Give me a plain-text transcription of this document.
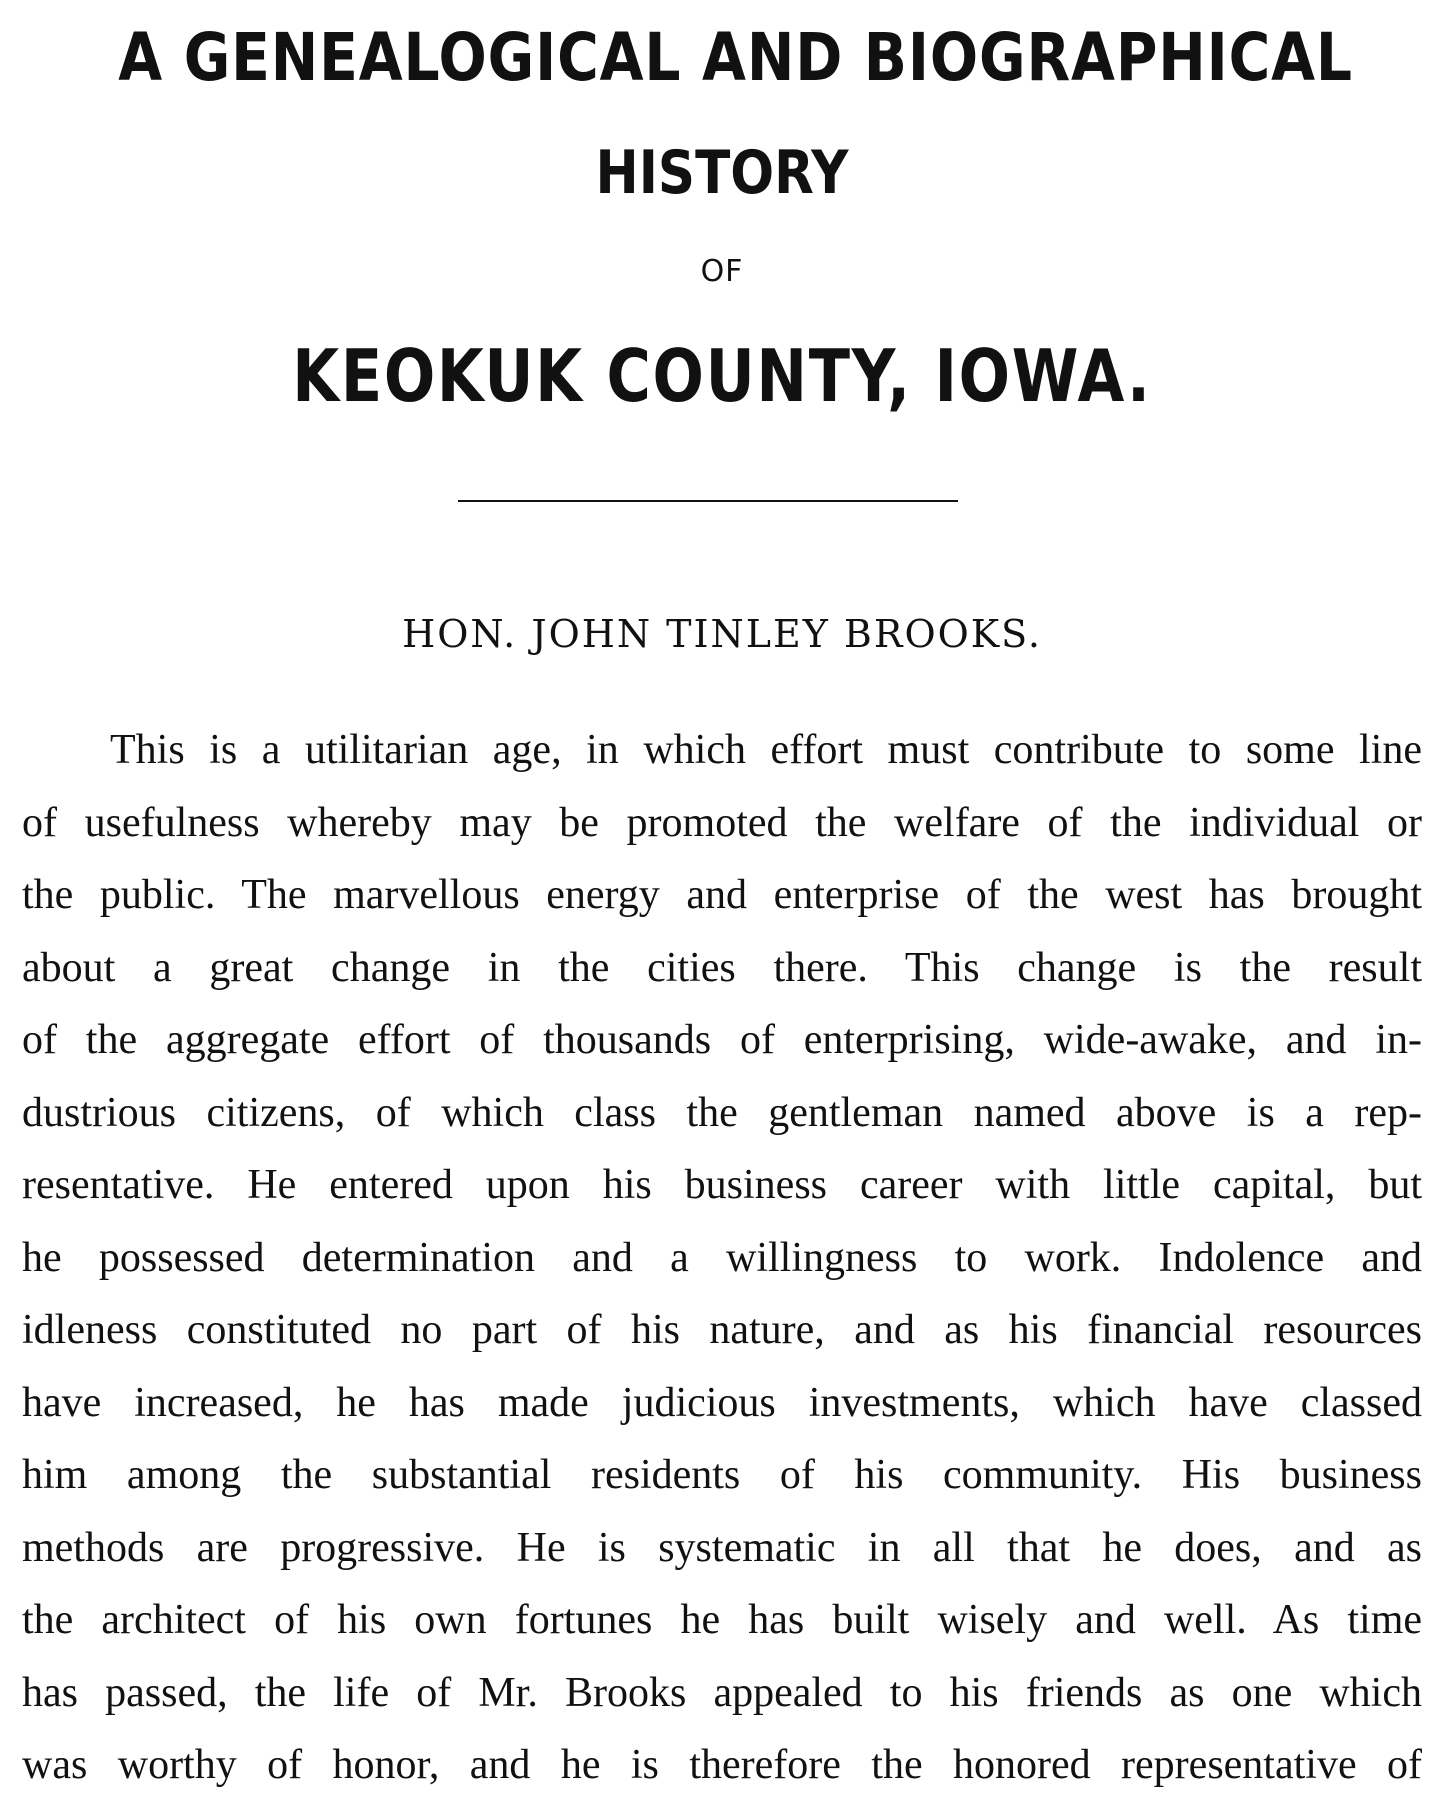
A GENEALOGICAL AND BIOGRAPHICAL
HISTORY
OF
KEOKUK COUNTY, IOWA.
HON. JOHN TINLEY BROOKS.
This is a utilitarian age, in which effort must contribute to some line
of usefulness whereby may be promoted the welfare of the individual or
the public. The marvellous energy and enterprise of the west has brought
about a great change in the cities there. This change is the result
of the aggregate effort of thousands of enterprising, wide-awake, and in-
dustrious citizens, of which class the gentleman named above is a rep-
resentative. He entered upon his business career with little capital, but
he possessed determination and a willingness to work. Indolence and
idleness constituted no part of his nature, and as his financial resources
have increased, he has made judicious investments, which have classed
him among the substantial residents of his community. His business
methods are progressive. He is systematic in all that he does, and as
the architect of his own fortunes he has built wisely and well. As time
has passed, the life of Mr. Brooks appealed to his friends as one which
was worthy of honor, and he is therefore the honored representative of
